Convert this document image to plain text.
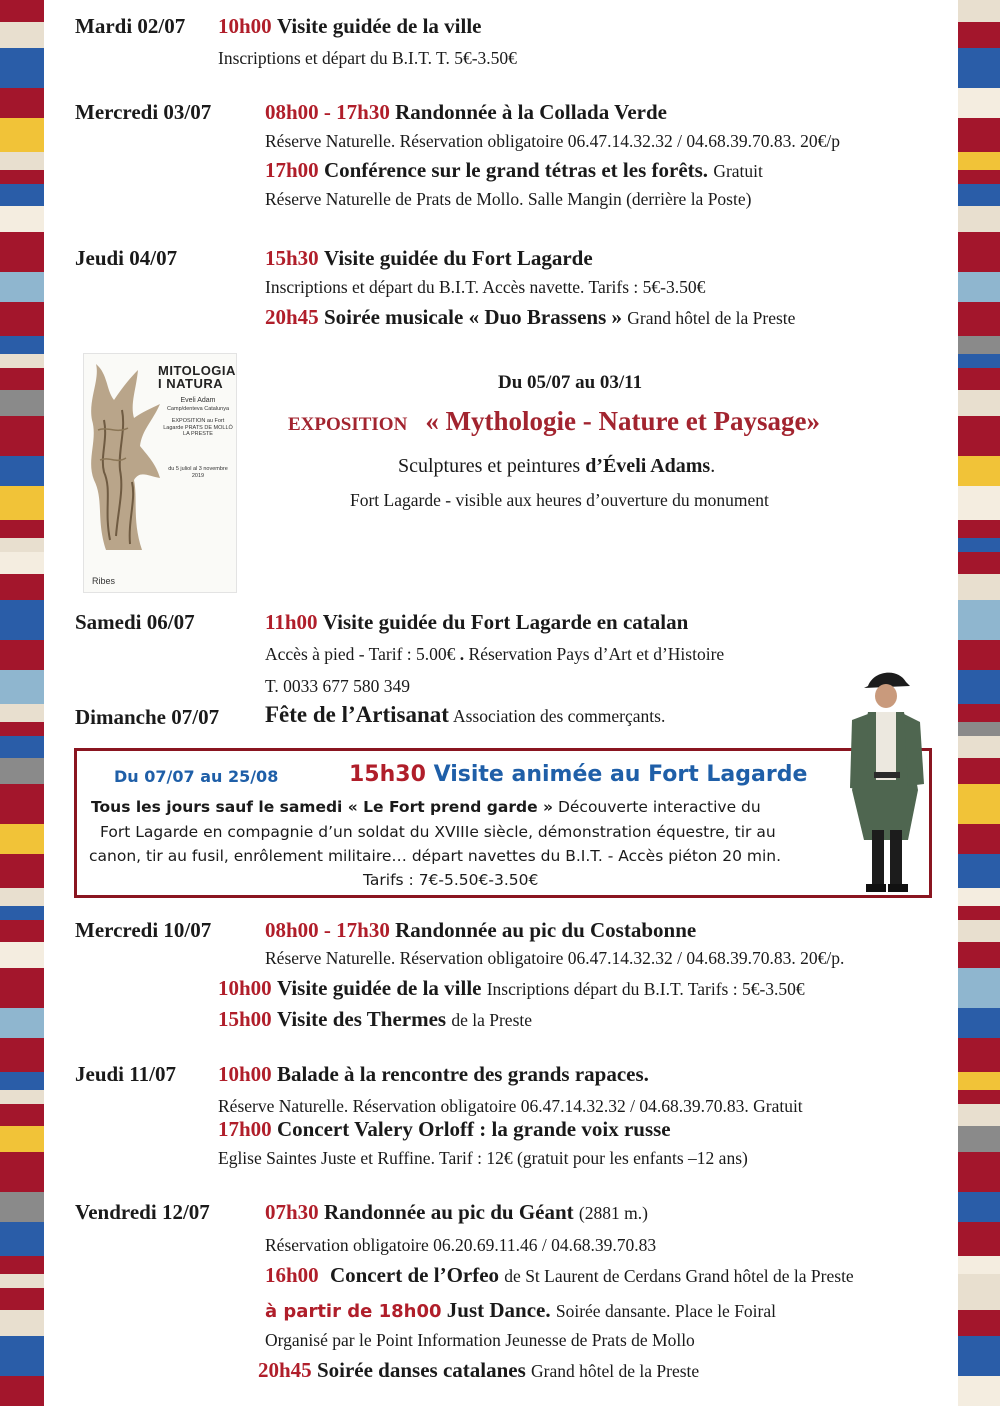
Mardi 02/07 10h00 Visite guidée de la ville
Inscriptions et départ du B.I.T. T. 5€-3.50€
Mercredi 03/07	08h00 - 17h30 Randonnée à la Collada Verde
Réserve Naturelle. Réservation obligatoire 06.47.14.32.32 / 04.68.39.70.83. 20€/p
17h00 Conférence sur le grand tétras et les forêts. Gratuit
Réserve Naturelle de Prats de Mollo. Salle Mangin (derrière la Poste)
Jeudi 04/07	15h30 Visite guidée du Fort Lagarde
Inscriptions et départ du B.I.T. Accès navette. Tarifs : 5€-3.50€
20h45 Soirée musicale « Duo Brassens » Grand hôtel de la Preste
MITOLOGIA
I NATURA
Eveli Adam
Camp/denteva Catalunya
EXPOSITION au Fort Lagarde PRATS DE MOLLÓ LA PRESTE
du 5 juliol al 3 novembre 2019
Ribes
Du 05/07 au 03/11
EXPOSITION « Mythologie - Nature et Paysage»
Sculptures et peintures d’Éveli Adams.
Fort Lagarde - visible aux heures d’ouverture du monument
Samedi 06/07	11h00 Visite guidée du Fort Lagarde en catalan
Accès à pied - Tarif : 5.00€ . Réservation Pays d’Art et d’Histoire
T. 0033 677 580 349
Dimanche 07/07 Fête de l’Artisanat Association des commerçants.
Du 07/07 au 25/08	15h30 Visite animée au Fort Lagarde
Tous les jours sauf le samedi « Le Fort prend garde » Découverte interactive du
Fort Lagarde en compagnie d’un soldat du XVIIIe siècle, démonstration équestre, tir au
canon, tir au fusil, enrôlement militaire… départ navettes du B.I.T. - Accès piéton 20 min.
Tarifs : 7€-5.50€-3.50€
Mercredi 10/07	08h00 - 17h30 Randonnée au pic du Costabonne
Réserve Naturelle. Réservation obligatoire 06.47.14.32.32 / 04.68.39.70.83. 20€/p.
10h00 Visite guidée de la ville Inscriptions départ du B.I.T. Tarifs : 5€-3.50€
15h00 Visite des Thermes de la Preste
Jeudi 11/07 10h00 Balade à la rencontre des grands rapaces.
Réserve Naturelle. Réservation obligatoire 06.47.14.32.32 / 04.68.39.70.83. Gratuit
17h00 Concert Valery Orloff : la grande voix russe
Eglise Saintes Juste et Ruffine. Tarif : 12€ (gratuit pour les enfants –12 ans)
Vendredi 12/07	07h30 Randonnée au pic du Géant (2881 m.)
Réservation obligatoire 06.20.69.11.46 / 04.68.39.70.83
16h00 Concert de l’Orfeo de St Laurent de Cerdans Grand hôtel de la Preste
à partir de 18h00 Just Dance. Soirée dansante. Place le Foiral
Organisé par le Point Information Jeunesse de Prats de Mollo
20h45 Soirée danses catalanes Grand hôtel de la Preste
